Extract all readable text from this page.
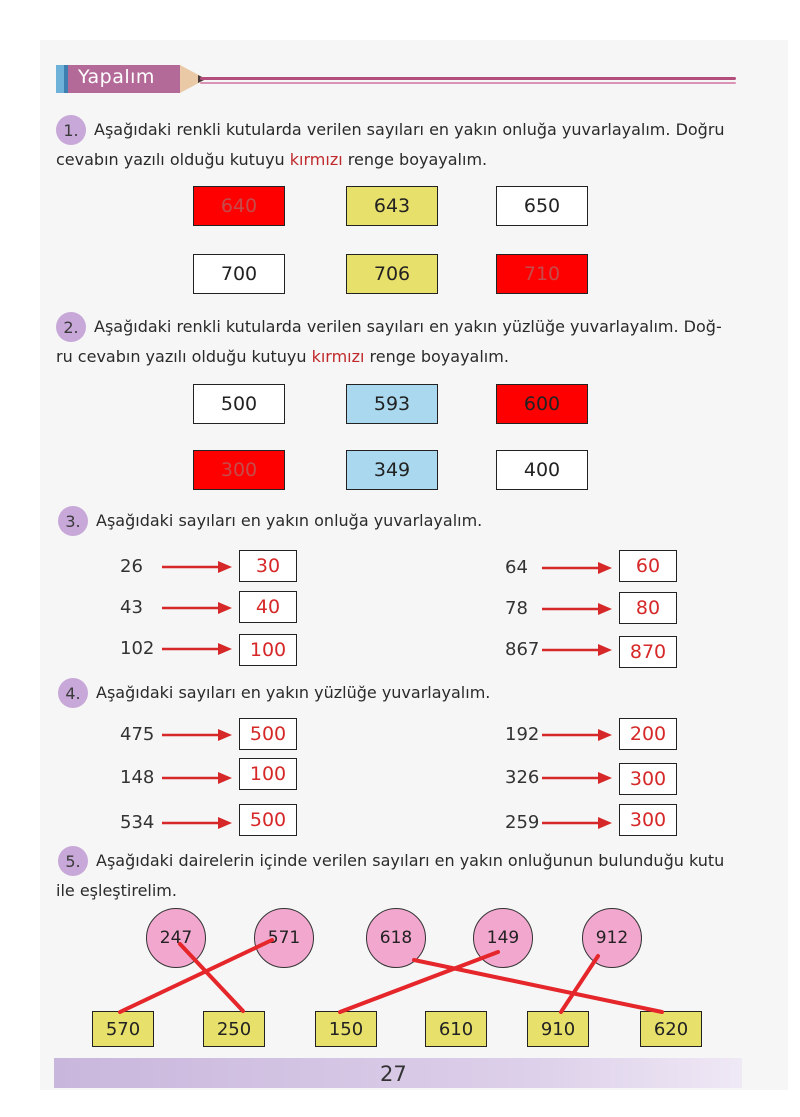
Yapalım
1. Aşağıdaki renkli kutularda verilen sayıları en yakın onluğa yuvarlayalım. Doğru
cevabın yazılı olduğu kutuyu kırmızı renge boyayalım.
640	643	650
700	706	710
2. Aşağıdaki renkli kutularda verilen sayıları en yakın yüzlüğe yuvarlayalım. Doğ-
ru cevabın yazılı olduğu kutuyu kırmızı renge boyayalım.
500	593	600
300	349	400
3. Aşağıdaki sayıları en yakın onluğa yuvarlayalım.
26	30
43	40
102	100
64	60
78	80
867	870
4. Aşağıdaki sayıları en yakın yüzlüğe yuvarlayalım.
475	500
148	100
534	500
192	200
326	300
259	300
5. Aşağıdaki dairelerin içinde verilen sayıları en yakın onluğunun bulunduğu kutu
ile eşleştirelim.
247	571	618	149	912
570	250	150	610	910	620
27
